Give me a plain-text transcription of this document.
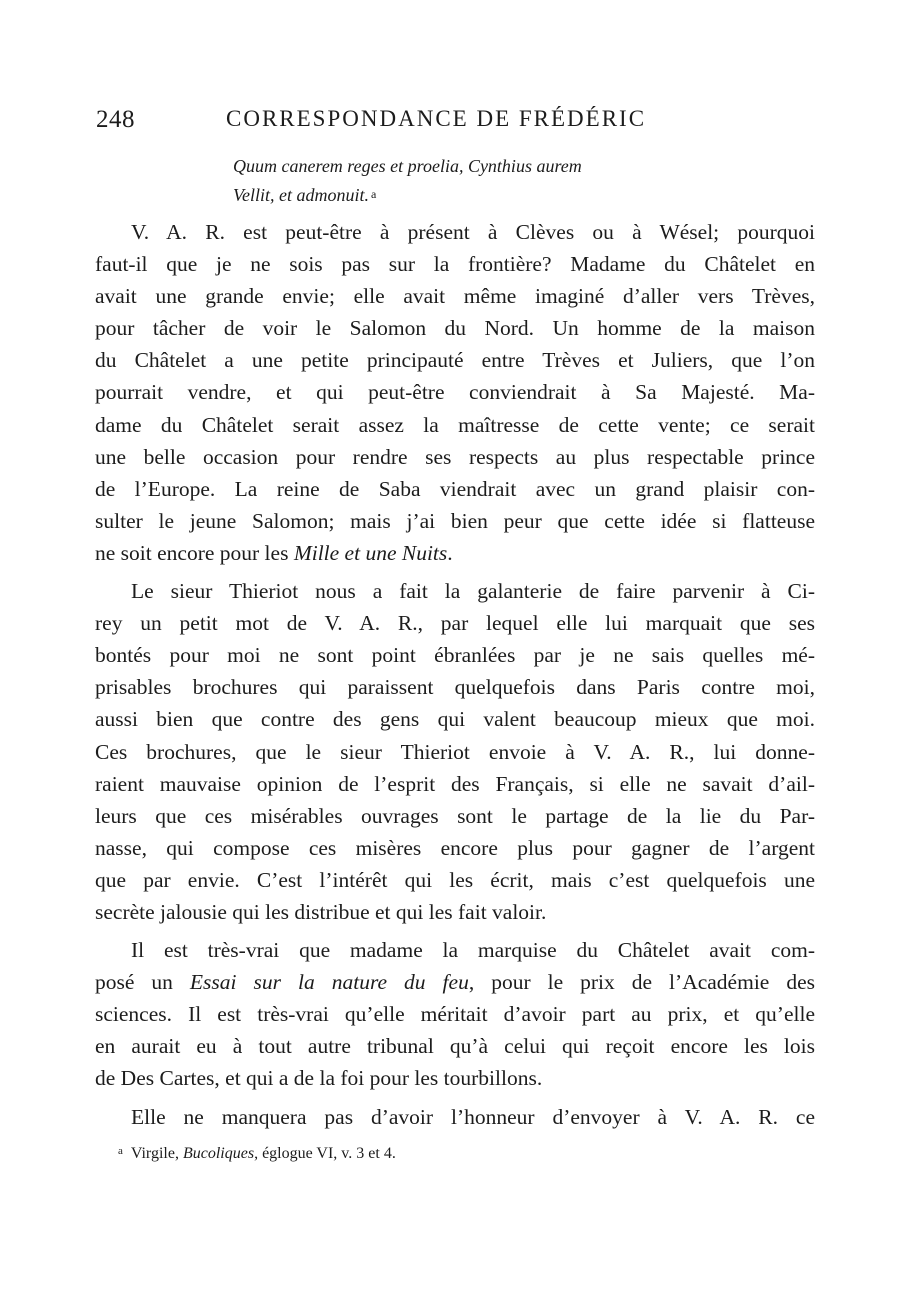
248	CORRESPONDANCE DE FRÉDÉRIC
Quum canerem reges et proelia, Cynthius aurem
Vellit, et admonuit. $^a$

V. A. R. est peut-être à présent à Clèves ou à Wésel; pourquoi
faut-il que je ne sois pas sur la frontière? Madame du Châtelet en
avait une grande envie; elle avait même imaginé d’aller vers Trèves,
pour tâcher de voir le Salomon du Nord. Un homme de la maison
du Châtelet a une petite principauté entre Trèves et Juliers, que l’on
pourrait vendre, et qui peut-être conviendrait à Sa Majesté. Ma-
dame du Châtelet serait assez la maîtresse de cette vente; ce serait
une belle occasion pour rendre ses respects au plus respectable prince
de l’Europe. La reine de Saba viendrait avec un grand plaisir con-
sulter le jeune Salomon; mais j’ai bien peur que cette idée si flatteuse
ne soit encore pour les Mille et une Nuits.

Le sieur Thieriot nous a fait la galanterie de faire parvenir à Ci-
rey un petit mot de V. A. R., par lequel elle lui marquait que ses
bontés pour moi ne sont point ébranlées par je ne sais quelles mé-
prisables brochures qui paraissent quelquefois dans Paris contre moi,
aussi bien que contre des gens qui valent beaucoup mieux que moi.
Ces brochures, que le sieur Thieriot envoie à V. A. R., lui donne-
raient mauvaise opinion de l’esprit des Français, si elle ne savait d’ail-
leurs que ces misérables ouvrages sont le partage de la lie du Par-
nasse, qui compose ces misères encore plus pour gagner de l’argent
que par envie. C’est l’intérêt qui les écrit, mais c’est quelquefois une
secrète jalousie qui les distribue et qui les fait valoir.

Il est très-vrai que madame la marquise du Châtelet avait com-
posé un Essai sur la nature du feu, pour le prix de l’Académie des
sciences. Il est très-vrai qu’elle méritait d’avoir part au prix, et qu’elle
en aurait eu à tout autre tribunal qu’à celui qui reçoit encore les lois
de Des Cartes, et qui a de la foi pour les tourbillons.

Elle ne manquera pas d’avoir l’honneur d’envoyer à V. A. R. ce

$^a$ Virgile, Bucoliques, églogue VI, v. 3 et 4.
